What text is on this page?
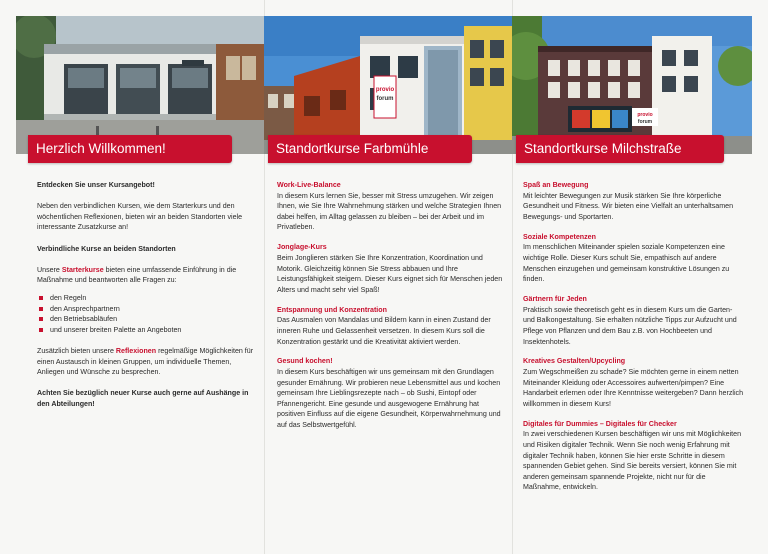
Herzlich Willkommen!

Entdecken Sie unser Kursangebot!

Neben den verbindlichen Kursen, wie dem Starterkurs und den wöchentlichen Reflexionen, bieten wir an beiden Standorten viele interessante Zusatzkurse an!

Verbindliche Kurse an beiden Standorten

Unsere Starterkurse bieten eine umfassende Einführung in die Maßnahme und beantworten alle Fragen zu:

den Regeln
den Ansprechpartnern
den Betriebsabläufen
und unserer breiten Palette an Angeboten

Zusätzlich bieten unsere Reflexionen regelmäßige Möglichkeiten für einen Austausch in kleinen Gruppen, um individuelle Themen, Anliegen und Wünsche zu besprechen.

Achten Sie bezüglich neuer Kurse auch gerne auf Aushänge in den Abteilungen!

provio
forum
Standortkurse Farbmühle
Work-Live-Balance
In diesem Kurs lernen Sie, besser mit Stress umzugehen. Wir zeigen Ihnen, wie Sie Ihre Wahrnehmung stärken und welche Strategien Ihnen dabei helfen, im Alltag gelassen zu bleiben – bei der Arbeit und im Privatleben.
Jonglage-Kurs
Beim Jonglieren stärken Sie Ihre Konzentration, Koordination und Motorik. Gleichzeitig können Sie Stress abbauen und Ihre Leistungsfähigkeit steigern. Dieser Kurs eignet sich für Menschen jeden Alters und macht sehr viel Spaß!
Entspannung und Konzentration
Das Ausmalen von Mandalas und Bildern kann in einen Zustand der inneren Ruhe und Gelassenheit versetzen. In diesem Kurs soll die Konzentration gestärkt und die Kreativität aktiviert werden.
Gesund kochen!
In diesem Kurs beschäftigen wir uns gemeinsam mit den Grundlagen gesunder Ernährung. Wir probieren neue Lebensmittel aus und kochen gemeinsam Ihre Lieblingsrezepte nach – ob Sushi, Eintopf oder Pfannengericht. Eine gesunde und ausgewogene Ernährung hat positiven Einfluss auf die eigene Gesundheit, Körperwahrnehmung und auf das Selbstwertgefühl.
provio
forum
Standortkurse Milchstraße
Spaß an Bewegung
Mit leichter Bewegungen zur Musik stärken Sie Ihre körperliche Gesundheit und Fitness. Wir bieten eine Vielfalt an unterhaltsamen Bewegungs- und Sportarten.
Soziale Kompetenzen
Im menschlichen Miteinander spielen soziale Kompetenzen eine wichtige Rolle. Dieser Kurs schult Sie, empathisch auf andere Menschen einzugehen und gemeinsam konstruktive Lösungen zu finden.
Gärtnern für Jeden
Praktisch sowie theoretisch geht es in diesem Kurs um die Garten- und Balkongestaltung. Sie erhalten nützliche Tipps zur Aufzucht und Pflege von Pflanzen und dem Bau z.B. von Hochbeeten und Insektenhotels.
Kreatives Gestalten/Upcycling
Zum Wegschmeißen zu schade? Sie möchten gerne in einem netten Miteinander Kleidung oder Accessoires aufwerten/pimpen? Eine Handarbeit erlernen oder Ihre Kenntnisse weitergeben? Dann herzlich willkommen in diesem Kurs!
Digitales für Dummies – Digitales für Checker
In zwei verschiedenen Kursen beschäftigen wir uns mit Möglichkeiten und Risiken digitaler Technik. Wenn Sie noch wenig Erfahrung mit digitaler Technik haben, können Sie hier erste Schritte in diesem spannenden Gebiet gehen. Sind Sie bereits versiert, können Sie mit anderen gemeinsam spannende Projekte, nicht nur für die Maßnahme, entwickeln.
